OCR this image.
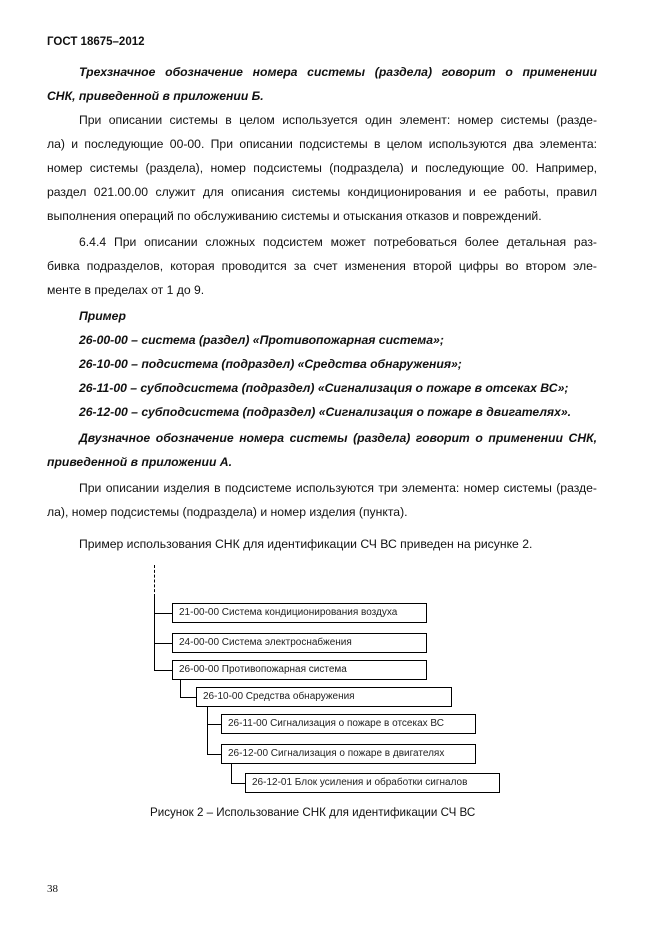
ГОСТ 18675–2012
Трехзначное обозначение номера системы (раздела) говорит о применении
СНК, приведенной в приложении Б.
При описании системы в целом используется один элемент: номер системы (разде-
ла) и последующие 00-00. При описании подсистемы в целом используются два элемента:
номер системы (раздела), номер подсистемы (подраздела) и последующие 00. Например,
раздел 021.00.00 служит для описания системы кондиционирования и ее работы, правил
выполнения операций по обслуживанию системы и отыскания отказов и повреждений.
6.4.4 При описании сложных подсистем может потребоваться более детальная раз-
бивка подразделов, которая проводится за счет изменения второй цифры во втором эле-
менте в пределах от 1 до 9.
Пример
26-00-00 – система (раздел) «Противопожарная система»;
26-10-00 – подсистема (подраздел) «Средства обнаружения»;
26-11-00 – субподсистема (подраздел) «Сигнализация о пожаре в отсеках ВС»;
26-12-00 – субподсистема (подраздел) «Сигнализация о пожаре в двигателях».
Двузначное обозначение номера системы (раздела) говорит о применении СНК,
приведенной в приложении А.
При описании изделия в подсистеме используются три элемента: номер системы (разде-
ла), номер подсистемы (подраздела) и номер изделия (пункта).
Пример использования СНК для идентификации СЧ ВС приведен на рисунке 2.
21-00-00 Система кондиционирования воздуха
24-00-00 Система электроснабжения
26-00-00 Противопожарная система
26-10-00 Средства обнаружения
26-11-00 Сигнализация о пожаре в отсеках ВС
26-12-00 Сигнализация о пожаре в двигателях
26-12-01 Блок усиления и обработки сигналов
Рисунок 2 – Использование СНК для идентификации СЧ ВС
38
